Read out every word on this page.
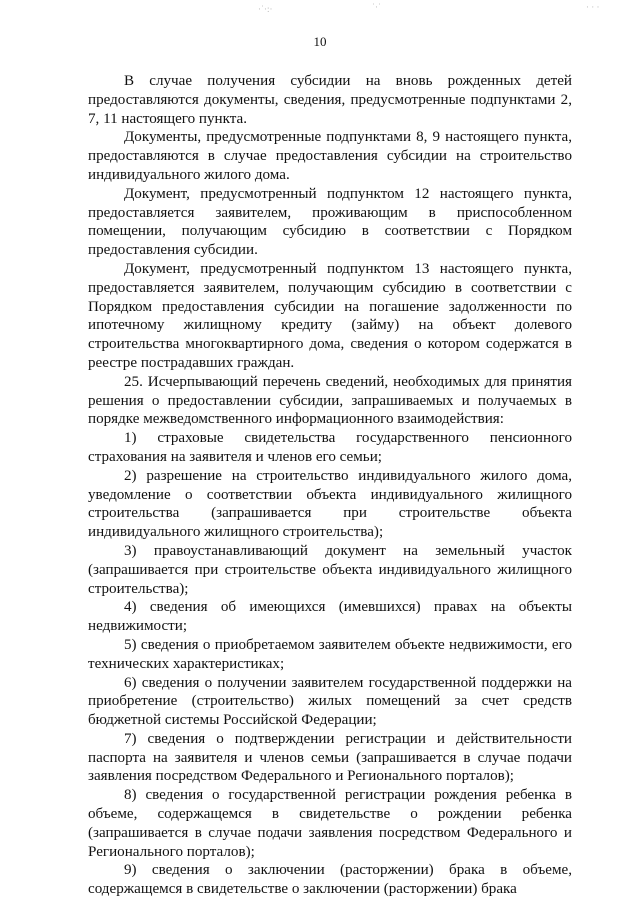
·˙·:·	˙·˙	· · ·
10

В случае получения субсидии на вновь рожденных детей предоставляются документы, сведения, предусмотренные подпунктами 2, 7, 11 настоящего пункта.

Документы, предусмотренные подпунктами 8, 9 настоящего пункта, предоставляются в случае предоставления субсидии на строительство индивидуального жилого дома.

Документ, предусмотренный подпунктом 12 настоящего пункта, предоставляется заявителем, проживающим в приспособленном помещении, получающим субсидию в соответствии с Порядком предоставления субсидии.

Документ, предусмотренный подпунктом 13 настоящего пункта, предоставляется заявителем, получающим субсидию в соответствии с Порядком предоставления субсидии на погашение задолженности по ипотечному жилищному кредиту (займу) на объект долевого строительства многоквартирного дома, сведения о котором содержатся в реестре пострадавших граждан.

25. Исчерпывающий перечень сведений, необходимых для принятия решения о предоставлении субсидии, запрашиваемых и получаемых в порядке межведомственного информационного взаимодействия:

1) страховые свидетельства государственного пенсионного страхования на заявителя и членов его семьи;

2) разрешение на строительство индивидуального жилого дома, уведомление о соответствии объекта индивидуального жилищного строительства (запрашивается при строительстве объекта индивидуального жилищного строительства);

3) правоустанавливающий документ на земельный участок (запрашивается при строительстве объекта индивидуального жилищного строительства);

4) сведения об имеющихся (имевшихся) правах на объекты недвижимости;

5) сведения о приобретаемом заявителем объекте недвижимости, его технических характеристиках;

6) сведения о получении заявителем государственной поддержки на приобретение (строительство) жилых помещений за счет средств бюджетной системы Российской Федерации;

7) сведения о подтверждении регистрации и действительности паспорта на заявителя и членов семьи (запрашивается в случае подачи заявления посредством Федерального и Регионального порталов);

8) сведения о государственной регистрации рождения ребенка в объеме, содержащемся в свидетельстве о рождении ребенка (запрашивается в случае подачи заявления посредством Федерального и Регионального порталов);

9) сведения о заключении (расторжении) брака в объеме, содержащемся в свидетельстве о заключении (расторжении) брака
